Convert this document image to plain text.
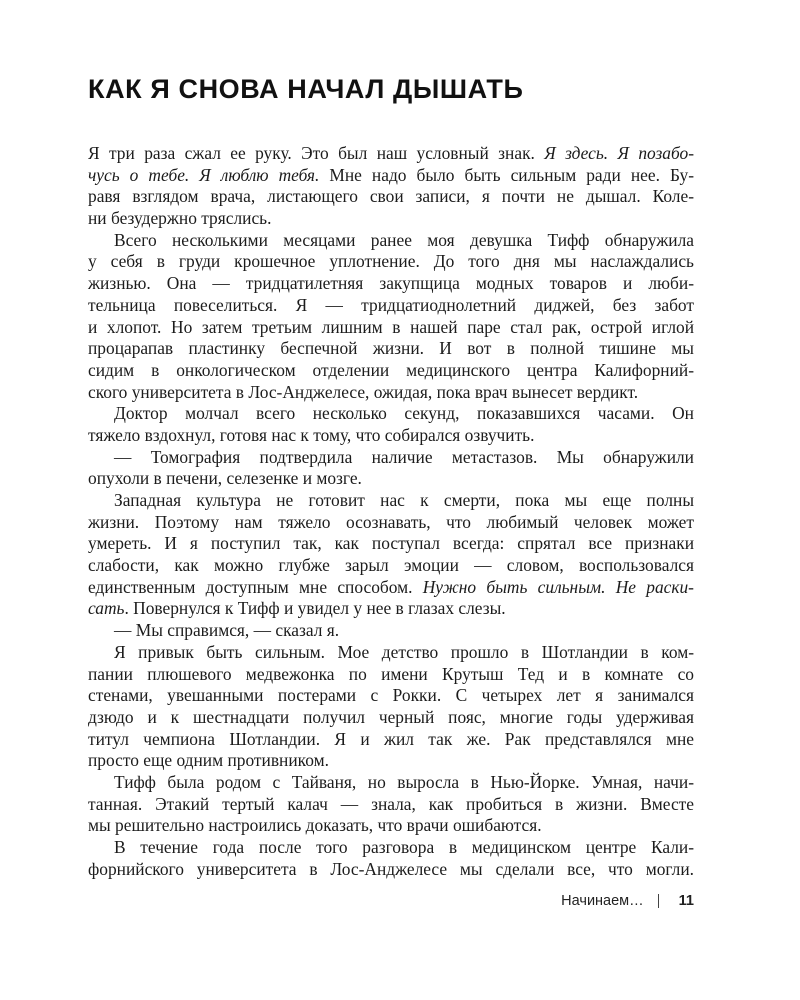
КАК Я СНОВА НАЧАЛ ДЫШАТЬ
Я три раза сжал ее руку. Это был наш условный знак. Я здесь. Я позабо-
чусь о тебе. Я люблю тебя. Мне надо было быть сильным ради нее. Бу-
равя взглядом врача, листающего свои записи, я почти не дышал. Коле-
ни безудержно тряслись.
Всего несколькими месяцами ранее моя девушка Тифф обнаружила
у себя в груди крошечное уплотнение. До того дня мы наслаждались
жизнью. Она — тридцатилетняя закупщица модных товаров и люби-
тельница повеселиться. Я — тридцатиоднолетний диджей, без забот
и хлопот. Но затем третьим лишним в нашей паре стал рак, острой иглой
процарапав пластинку беспечной жизни. И вот в полной тишине мы
сидим в онкологическом отделении медицинского центра Калифорний-
ского университета в Лос-Анджелесе, ожидая, пока врач вынесет вердикт.
Доктор молчал всего несколько секунд, показавшихся часами. Он
тяжело вздохнул, готовя нас к тому, что собирался озвучить.
— Томография подтвердила наличие метастазов. Мы обнаружили
опухоли в печени, селезенке и мозге.
Западная культура не готовит нас к смерти, пока мы еще полны
жизни. Поэтому нам тяжело осознавать, что любимый человек может
умереть. И я поступил так, как поступал всегда: спрятал все признаки
слабости, как можно глубже зарыл эмоции — словом, воспользовался
единственным доступным мне способом. Нужно быть сильным. Не раски-
сать. Повернулся к Тифф и увидел у нее в глазах слезы.
— Мы справимся, — сказал я.
Я привык быть сильным. Мое детство прошло в Шотландии в ком-
пании плюшевого медвежонка по имени Крутыш Тед и в комнате со
стенами, увешанными постерами с Рокки. С четырех лет я занимался
дзюдо и к шестнадцати получил черный пояс, многие годы удерживая
титул чемпиона Шотландии. Я и жил так же. Рак представлялся мне
просто еще одним противником.
Тифф была родом с Тайваня, но выросла в Нью-Йорке. Умная, начи-
танная. Этакий тертый калач — знала, как пробиться в жизни. Вместе
мы решительно настроились доказать, что врачи ошибаются.
В течение года после того разговора в медицинском центре Кали-
форнийского университета в Лос-Анджелесе мы сделали все, что могли.
Начинаем…	11
